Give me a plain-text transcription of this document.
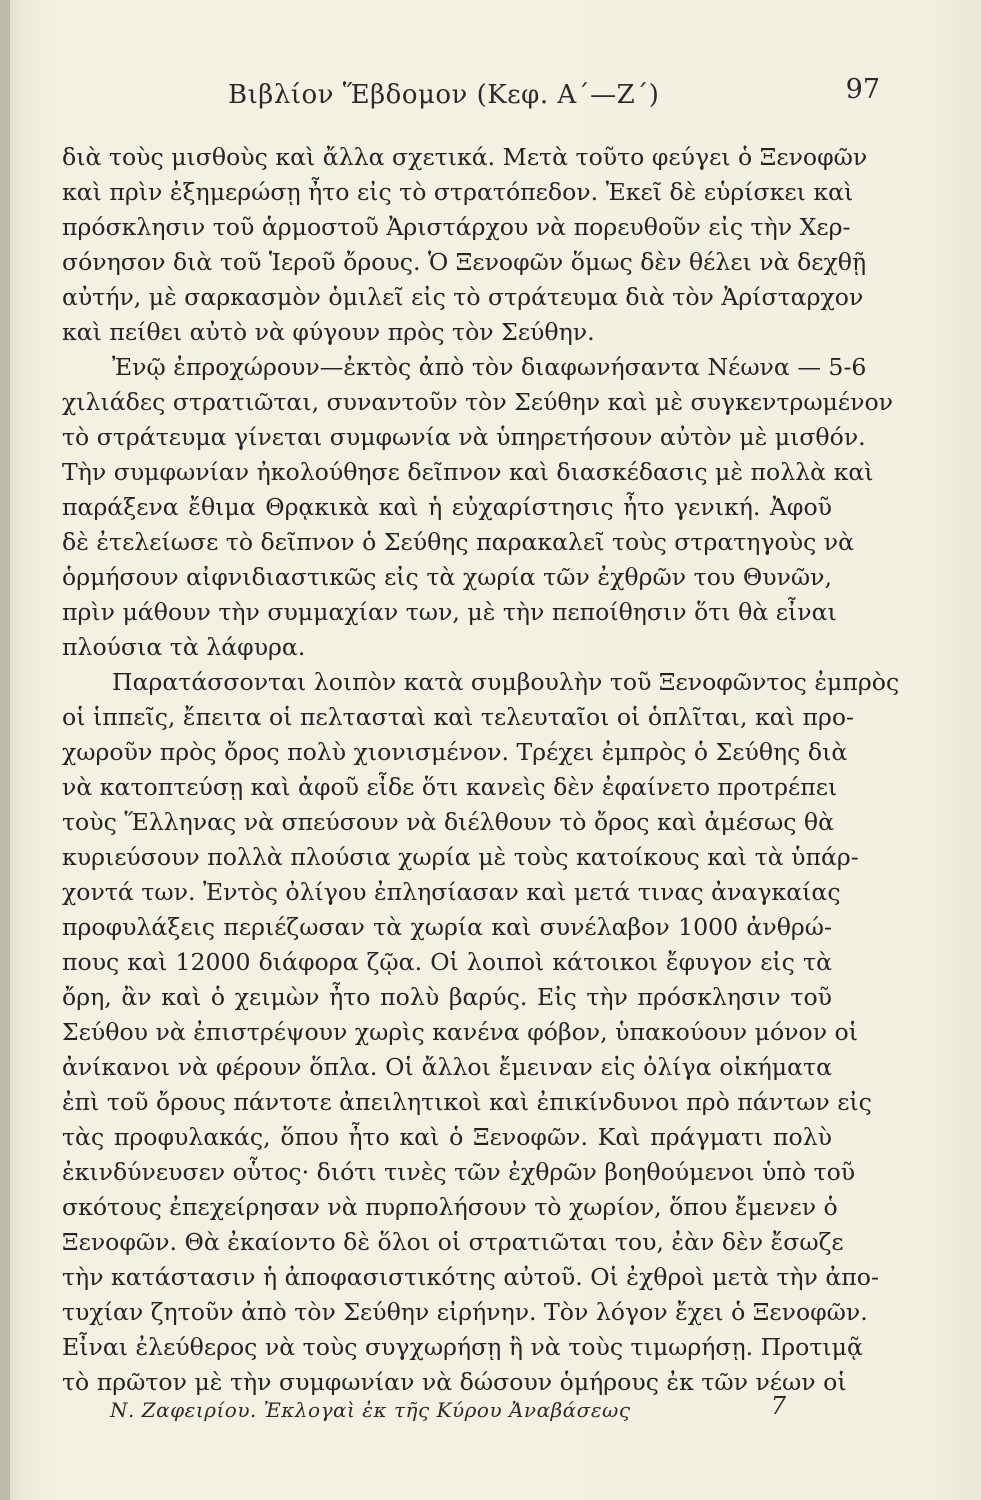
Βιβλίον Ἕβδομον (Κεφ. Α΄—Ζ΄)	97

διὰ τοὺς μισθοὺς καὶ ἄλλα σχετικά. Μετὰ τοῦτο φεύγει ὁ Ξενοφῶν
καὶ πρὶν ἐξημερώσῃ ἦτο εἰς τὸ στρατόπεδον. Ἐκεῖ δὲ εὑρίσκει καὶ
πρόσκλησιν τοῦ ἁρμοστοῦ Ἀριστάρχου νὰ πορευθοῦν εἰς τὴν Χερ-
σόνησον διὰ τοῦ Ἱεροῦ ὄρους. Ὁ Ξενοφῶν ὅμως δὲν θέλει νὰ δεχθῇ
αὐτήν, μὲ σαρκασμὸν ὁμιλεῖ εἰς τὸ στράτευμα διὰ τὸν Ἀρίσταρχον
καὶ πείθει αὐτὸ νὰ φύγουν πρὸς τὸν Σεύθην.

Ἐνῷ ἐπροχώρουν—ἐκτὸς ἀπὸ τὸν διαφωνήσαντα Νέωνα — 5-6
χιλιάδες στρατιῶται, συναντοῦν τὸν Σεύθην καὶ μὲ συγκεντρωμένον
τὸ στράτευμα γίνεται συμφωνία νὰ ὑπηρετήσουν αὐτὸν μὲ μισθόν.
Τὴν συμφωνίαν ἠκολούθησε δεῖπνον καὶ διασκέδασις μὲ πολλὰ καὶ
παράξενα ἔθιμα Θρᾳκικὰ καὶ ἡ εὐχαρίστησις ἦτο γενική. Ἀφοῦ
δὲ ἐτελείωσε τὸ δεῖπνον ὁ Σεύθης παρακαλεῖ τοὺς στρατηγοὺς νὰ
ὁρμήσουν αἰφνιδιαστικῶς εἰς τὰ χωρία τῶν ἐχθρῶν του Θυνῶν,
πρὶν μάθουν τὴν συμμαχίαν των, μὲ τὴν πεποίθησιν ὅτι θὰ εἶναι
πλούσια τὰ λάφυρα.

Παρατάσσονται λοιπὸν κατὰ συμβουλὴν τοῦ Ξενοφῶντος ἐμπρὸς
οἱ ἱππεῖς, ἔπειτα οἱ πελτασταὶ καὶ τελευταῖοι οἱ ὁπλῖται, καὶ προ-
χωροῦν πρὸς ὄρος πολὺ χιονισμένον. Τρέχει ἐμπρὸς ὁ Σεύθης διὰ
νὰ κατοπτεύσῃ καὶ ἀφοῦ εἶδε ὅτι κανεὶς δὲν ἐφαίνετο προτρέπει
τοὺς Ἕλληνας νὰ σπεύσουν νὰ διέλθουν τὸ ὄρος καὶ ἀμέσως θὰ
κυριεύσουν πολλὰ πλούσια χωρία μὲ τοὺς κατοίκους καὶ τὰ ὑπάρ-
χοντά των. Ἐντὸς ὀλίγου ἐπλησίασαν καὶ μετά τινας ἀναγκαίας
προφυλάξεις περιέζωσαν τὰ χωρία καὶ συνέλαβον 1000 ἀνθρώ-
πους καὶ 12000 διάφορα ζῷα. Οἱ λοιποὶ κάτοικοι ἔφυγον εἰς τὰ
ὄρη, ἂν καὶ ὁ χειμὼν ἦτο πολὺ βαρύς. Εἰς τὴν πρόσκλησιν τοῦ
Σεύθου νὰ ἐπιστρέψουν χωρὶς κανένα φόβον, ὑπακούουν μόνον οἱ
ἀνίκανοι νὰ φέρουν ὅπλα. Οἱ ἄλλοι ἔμειναν εἰς ὀλίγα οἰκήματα
ἐπὶ τοῦ ὄρους πάντοτε ἀπειλητικοὶ καὶ ἐπικίνδυνοι πρὸ πάντων εἰς
τὰς προφυλακάς, ὅπου ἦτο καὶ ὁ Ξενοφῶν. Καὶ πράγματι πολὺ
ἐκινδύνευσεν οὗτος· διότι τινὲς τῶν ἐχθρῶν βοηθούμενοι ὑπὸ τοῦ
σκότους ἐπεχείρησαν νὰ πυρπολήσουν τὸ χωρίον, ὅπου ἔμενεν ὁ
Ξενοφῶν. Θὰ ἐκαίοντο δὲ ὅλοι οἱ στρατιῶται του, ἐὰν δὲν ἔσωζε
τὴν κατάστασιν ἡ ἀποφασιστικότης αὐτοῦ. Οἱ ἐχθροὶ μετὰ τὴν ἀπο-
τυχίαν ζητοῦν ἀπὸ τὸν Σεύθην εἰρήνην. Τὸν λόγον ἔχει ὁ Ξενοφῶν.
Εἶναι ἐλεύθερος νὰ τοὺς συγχωρήσῃ ἢ νὰ τοὺς τιμωρήσῃ. Προτιμᾷ
τὸ πρῶτον μὲ τὴν συμφωνίαν νὰ δώσουν ὁμήρους ἐκ τῶν νέων οἱ

Ν. Ζαφειρίου. Ἐκλογαὶ ἐκ τῆς Κύρου Ἀναβάσεως	7
